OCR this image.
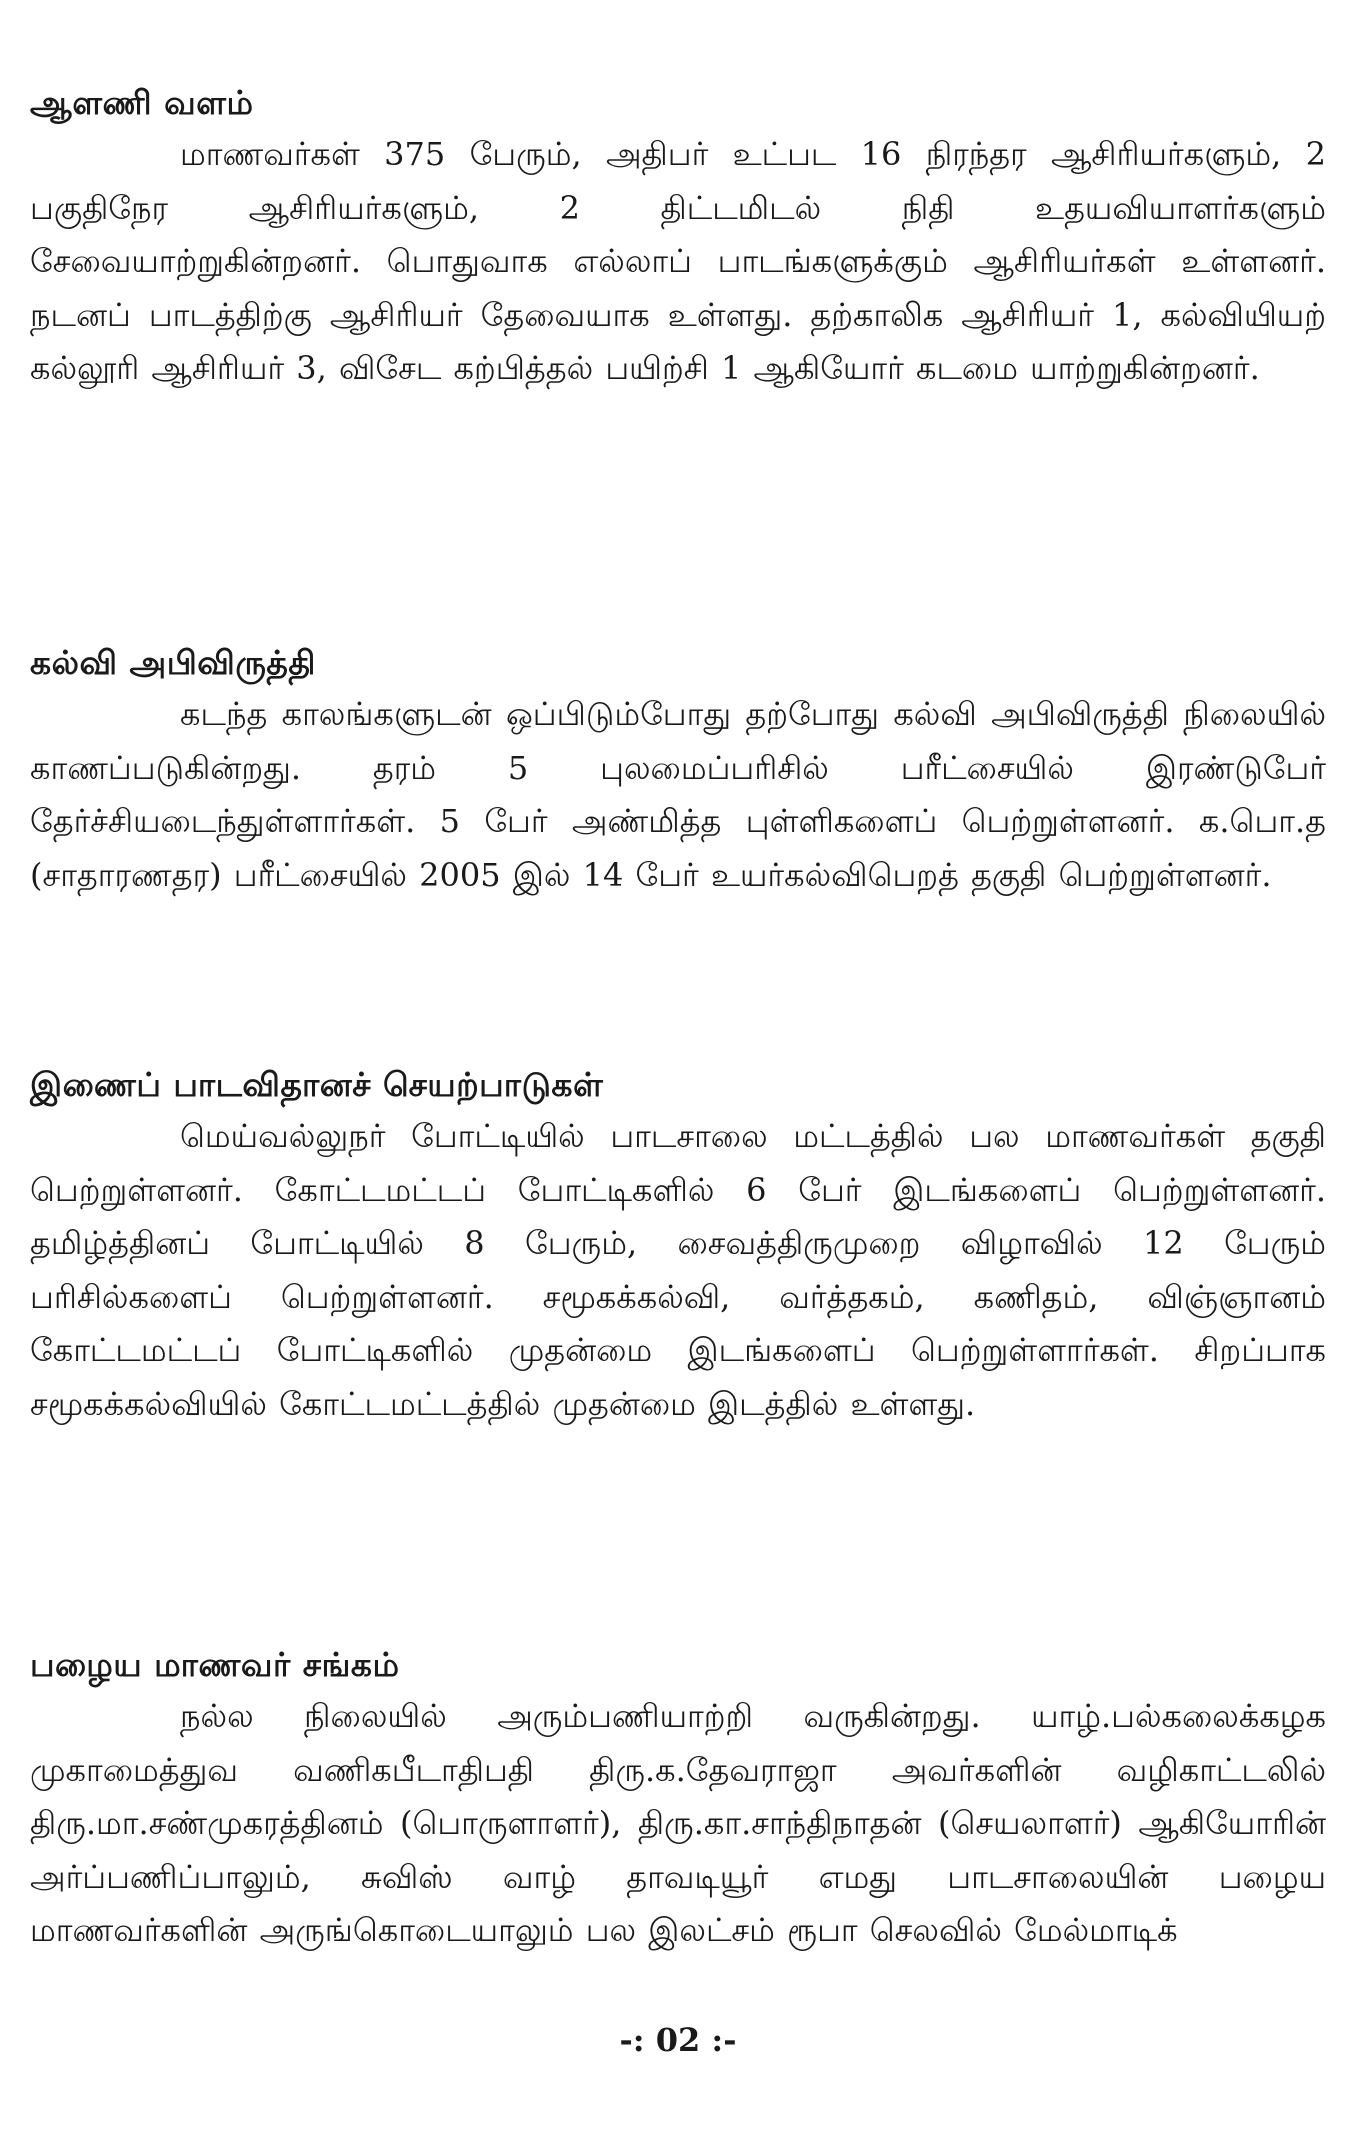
ஆளணி வளம்

மாணவர்கள் 375 பேரும், அதிபர் உட்பட 16 நிரந்தர ஆசிரியர்களும், 2 பகுதிநேர ஆசிரியர்களும், 2 திட்டமிடல் நிதி உதயவியாளர்களும் சேவையாற்றுகின்றனர். பொதுவாக எல்லாப் பாடங்களுக்கும் ஆசிரியர்கள் உள்ளனர். நடனப் பாடத்திற்கு ஆசிரியர் தேவையாக உள்ளது. தற்காலிக ஆசிரியர் 1, கல்வியியற் கல்லூரி ஆசிரியர் 3, விசேட கற்பித்தல் பயிற்சி 1 ஆகியோர் கடமை யாற்றுகின்றனர்.

கல்வி அபிவிருத்தி

கடந்த காலங்களுடன் ஒப்பிடும்போது தற்போது கல்வி அபிவிருத்தி நிலையில் காணப்படுகின்றது. தரம் 5 புலமைப்பரிசில் பரீட்சையில் இரண்டுபேர் தேர்ச்சியடைந்துள்ளார்கள். 5 பேர் அண்மித்த புள்ளிகளைப் பெற்றுள்ளனர். க.பொ.த (சாதாரணதர) பரீட்சையில் 2005 இல் 14 பேர் உயர்கல்விபெறத் தகுதி பெற்றுள்ளனர்.

இணைப் பாடவிதானச் செயற்பாடுகள்

மெய்வல்லுநர் போட்டியில் பாடசாலை மட்டத்தில் பல மாணவர்கள் தகுதி பெற்றுள்ளனர். கோட்டமட்டப் போட்டிகளில் 6 பேர் இடங்களைப் பெற்றுள்ளனர். தமிழ்த்தினப் போட்டியில் 8 பேரும், சைவத்திருமுறை விழாவில் 12 பேரும் பரிசில்களைப் பெற்றுள்ளனர். சமூகக்கல்வி, வர்த்தகம், கணிதம், விஞ்ஞானம் கோட்டமட்டப் போட்டிகளில் முதன்மை இடங்களைப் பெற்றுள்ளார்கள். சிறப்பாக சமூகக்கல்வியில் கோட்டமட்டத்தில் முதன்மை இடத்தில் உள்ளது.

பழைய மாணவர் சங்கம்

நல்ல நிலையில் அரும்பணியாற்றி வருகின்றது. யாழ்.பல்கலைக்கழக முகாமைத்துவ வணிகபீடாதிபதி திரு.க.தேவராஜா அவர்களின் வழிகாட்டலில் திரு.மா.சண்முகரத்தினம் (பொருளாளர்), திரு.கா.சாந்திநாதன் (செயலாளர்) ஆகியோரின் அர்ப்பணிப்பாலும், சுவிஸ் வாழ் தாவடியூர் எமது பாடசாலையின் பழைய மாணவர்களின் அருங்கொடையாலும் பல இலட்சம் ரூபா செலவில் மேல்மாடிக்

-: 02 :-
